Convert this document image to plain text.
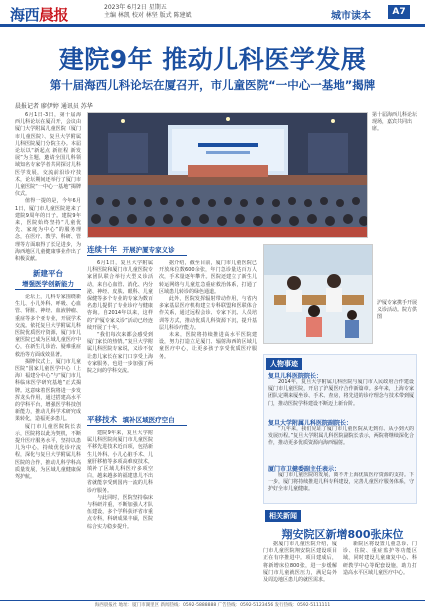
海西晨报	2023年 6月2日 星期五
主编 林凯 校对 林坚 版式 陈建斌	城市读本	A7
建院9年 推动儿科医学发展
第十届海西儿科论坛在厦召开，市儿童医院“一中心一基地”揭牌
晨报记者 廖伊婷 通讯员 苏华

6月1日-3日，第十届海西儿科论坛在厦召开，会议由厦门大学附属儿童医院（厦门市儿童医院）、复旦大学附属儿科医院厦门分院主办。本届论坛以“新起点 新征程 新发展”为主题，邀请全国儿科领域知名专家学者共同探讨儿科医学发展，交流前沿诊疗技术，论坛期间还举行了厦门市儿童医院“一中心一基地”揭牌仪式。

值得一提的是，今年6月1日，厦门市儿童医院迎来了建院9周年的日子。建院9年来，医院始终坚持“儿童优先、家庭为中心”的服务理念，在医疗、教学、科研、管理等方面取得了长足进步，为海西地区儿童健康事业作出了积极贡献。

新建平台
增强医学创新能力

论坛上，儿科专家围绕新生儿、小儿外科、呼吸、心血管、肾脏、神经、血液肿瘤、重症等多个亚专业，开展学术交流。依托复旦大学附属儿科医院优质医疗资源，厦门市儿童医院已成为区域儿童医疗中心，在新生儿诊治、疑难重症救治等方面成效显著。

揭牌仪式上，厦门市儿童医院“国家儿童医学中心（上海）福建分中心”与“厦门市儿科临床医学研究基地”正式揭牌。这意味着医院将进一步发挥龙头作用，通过搭建高水平的学科平台，增强医学科技创新能力，推动儿科学术研究成果转化，造福更多患儿。

厦门市儿童医院院长表示，医院将以此为契机，不断提升医疗服务水平，坚持以患儿为中心，持续优化诊疗流程，深化与复旦大学附属儿科医院的合作，推动儿科学科高质量发展，为区域儿童健康保驾护航。

第十届海西儿科论坛现场，嘉宾共同出席。
连续十年 开展沪厦专家义诊

6月1日，复旦大学附属儿科医院和厦门市儿童医院专家团队联合举行大型义诊活动，来自心血管、消化、内分泌、神经、皮肤、眼科、儿童保健等多个专业的专家为数百名患儿提供了专业诊疗与健康咨询。自2014年以来，这样的“沪厦专家义诊”活动已经连续开展了十年。

“我们每次来都会感受到厦门家长的热情。”复旦大学附属儿科医院专家说，义诊不仅让患儿家长在家门口享受上海专家服务，也进一步加强了两院之间的学科交流。

平移技术 填补区域医疗空白

建院9年来，复旦大学附属儿科医院向厦门市儿童医院平移先进技术近百项，包括新生儿外科、小儿心脏手术、儿童肝移植等多项高难度技术，填补了区域儿科医疗多项空白，越来越多的福建患儿不出省就能享受到国内一流的儿科诊疗服务。

与此同时，医院坚持临床与科研并重，不断加强人才队伍建设，多个学科获评省市重点专科，科研成果丰硕，医院综合实力稳步提升。

据介绍，截至目前，厦门市儿童医院已开放床位数600余张，年门急诊量达百万人次，手术量逐年攀升。医院还建立了新生儿转运网络与儿童危急重症救治体系，打通了区域患儿转诊的绿色通道。

此外，医院发挥辐射带动作用，与省内多家基层医疗机构建立专科联盟和医联体合作关系，通过远程会诊、专家下沉、人员培训等方式，推动优质儿科资源下沉，提升基层儿科诊疗能力。

未来，医院将持续推进高水平医院建设，努力打造立足厦门、辐射海西的区域儿童医疗中心，让更多孩子享受优质医疗服务。

沪厦专家携手开展义诊活动。院方供图
人物事迹
复旦儿科医院院长：
2014年，复旦大学附属儿科医院与厦门市人民政府合作建设厦门市儿童医院，开启了沪厦医疗合作新篇章。多年来，上海专家团队定期来厦坐诊、手术、查房，将先进的诊疗理念与技术带到厦门，推动医院学科建设不断迈上新台阶。
复旦大学附属儿科医院副院长：
“九年来，我们见证了厦门市儿童医院从无到有、从小到大的发展历程。”复旦大学附属儿科医院副院长表示，两院将继续深化合作，推动更多优质资源向海西辐射。
厦门市卫健委副主任表示：
厦门市儿童医院的发展，离不开上海优质医疗资源的支持。下一步，厦门将持续推进儿科专科建设，完善儿童医疗服务体系，守护好全市儿童健康。
相关新闻
翔安院区新增800张床位

据厦门市儿童医院介绍，厦门市儿童医院翔安院区建设项目正在有序推进中。项目建成后，将新增床位800张，进一步缓解厦门市儿童就医压力，满足岛外及周边地区患儿的就医需求。

新院区将设置儿童急诊、门诊、住院、重症监护等功能区域，同时建设儿童康复中心、科研教学中心等配套设施，助力打造高水平区域儿童医疗中心。

海西晨报社 地址：厦门市湖里区 新闻热线：0592-5888888 广告热线：0592-5123456 发行热线：0592-5111111
